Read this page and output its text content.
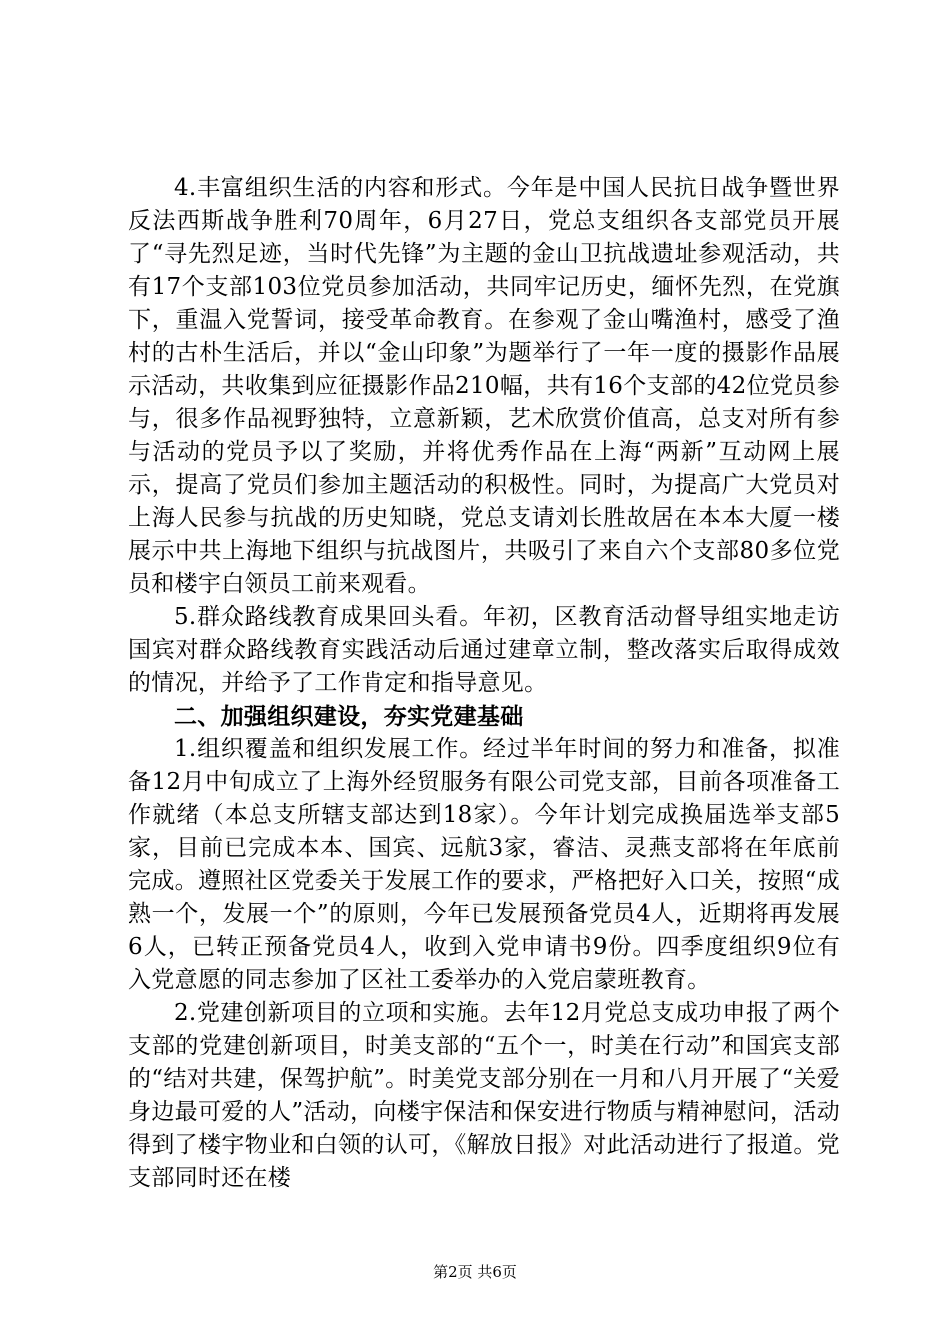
4.丰富组织生活的内容和形式。今年是中国人民抗日战争暨世界反法西斯战争胜利70周年，6月27日，党总支组织各支部党员开展了“寻先烈足迹，当时代先锋”为主题的金山卫抗战遗址参观活动，共有17个支部103位党员参加活动，共同牢记历史，缅怀先烈，在党旗下，重温入党誓词，接受革命教育。在参观了金山嘴渔村，感受了渔村的古朴生活后，并以“金山印象”为题举行了一年一度的摄影作品展示活动，共收集到应征摄影作品210幅，共有16个支部的42位党员参与，很多作品视野独特，立意新颖，艺术欣赏价值高，总支对所有参与活动的党员予以了奖励，并将优秀作品在上海“两新”互动网上展示，提高了党员们参加主题活动的积极性。同时，为提高广大党员对上海人民参与抗战的历史知晓，党总支请刘长胜故居在本本大厦一楼展示中共上海地下组织与抗战图片，共吸引了来自六个支部80多位党员和楼宇白领员工前来观看。

5.群众路线教育成果回头看。年初，区教育活动督导组实地走访国宾对群众路线教育实践活动后通过建章立制，整改落实后取得成效的情况，并给予了工作肯定和指导意见。

二、加强组织建设，夯实党建基础

1.组织覆盖和组织发展工作。经过半年时间的努力和准备，拟准备12月中旬成立了上海外经贸服务有限公司党支部，目前各项准备工作就绪（本总支所辖支部达到18家）。今年计划完成换届选举支部5家，目前已完成本本、国宾、远航3家，睿洁、灵燕支部将在年底前完成。遵照社区党委关于发展工作的要求，严格把好入口关，按照“成熟一个，发展一个”的原则，今年已发展预备党员4人，近期将再发展6人，已转正预备党员4人，收到入党申请书9份。四季度组织9位有入党意愿的同志参加了区社工委举办的入党启蒙班教育。

2.党建创新项目的立项和实施。去年12月党总支成功申报了两个支部的党建创新项目，时美支部的“五个一，时美在行动”和国宾支部的“结对共建，保驾护航”。时美党支部分别在一月和八月开展了“关爱身边最可爱的人”活动，向楼宇保洁和保安进行物质与精神慰问，活动得到了楼宇物业和白领的认可，《解放日报》对此活动进行了报道。党支部同时还在楼

第2页 共6页
